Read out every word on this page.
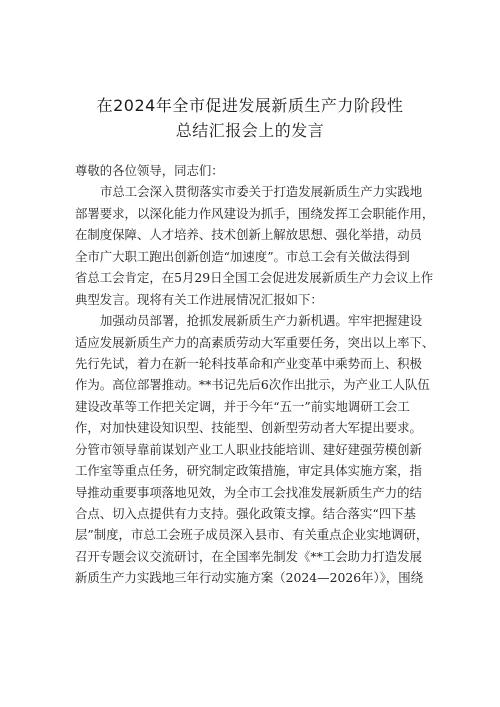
在2024年全市促进发展新质生产力阶段性
总结汇报会上的发言
尊敬的各位领导，同志们：
市总工会深入贯彻落实市委关于打造发展新质生产力实践地
部署要求，以深化能力作风建设为抓手，围绕发挥工会职能作用，
在制度保障、人才培养、技术创新上解放思想、强化举措，动员
全市广大职工跑出创新创造“加速度”。市总工会有关做法得到
省总工会肯定，在5月29日全国工会促进发展新质生产力会议上作
典型发言。现将有关工作进展情况汇报如下：
加强动员部署，抢抓发展新质生产力新机遇。牢牢把握建设
适应发展新质生产力的高素质劳动大军重要任务，突出以上率下、
先行先试，着力在新一轮科技革命和产业变革中乘势而上、积极
作为。高位部署推动。**书记先后6次作出批示，为产业工人队伍
建设改革等工作把关定调，并于今年“五一”前实地调研工会工
作，对加快建设知识型、技能型、创新型劳动者大军提出要求。
分管市领导靠前谋划产业工人职业技能培训、建好建强劳模创新
工作室等重点任务，研究制定政策措施，审定具体实施方案，指
导推动重要事项落地见效，为全市工会找准发展新质生产力的结
合点、切入点提供有力支持。强化政策支撑。结合落实“四下基
层”制度，市总工会班子成员深入县市、有关重点企业实地调研，
召开专题会议交流研讨，在全国率先制发《**工会助力打造发展
新质生产力实践地三年行动实施方案（2024—2026年）》，围绕
